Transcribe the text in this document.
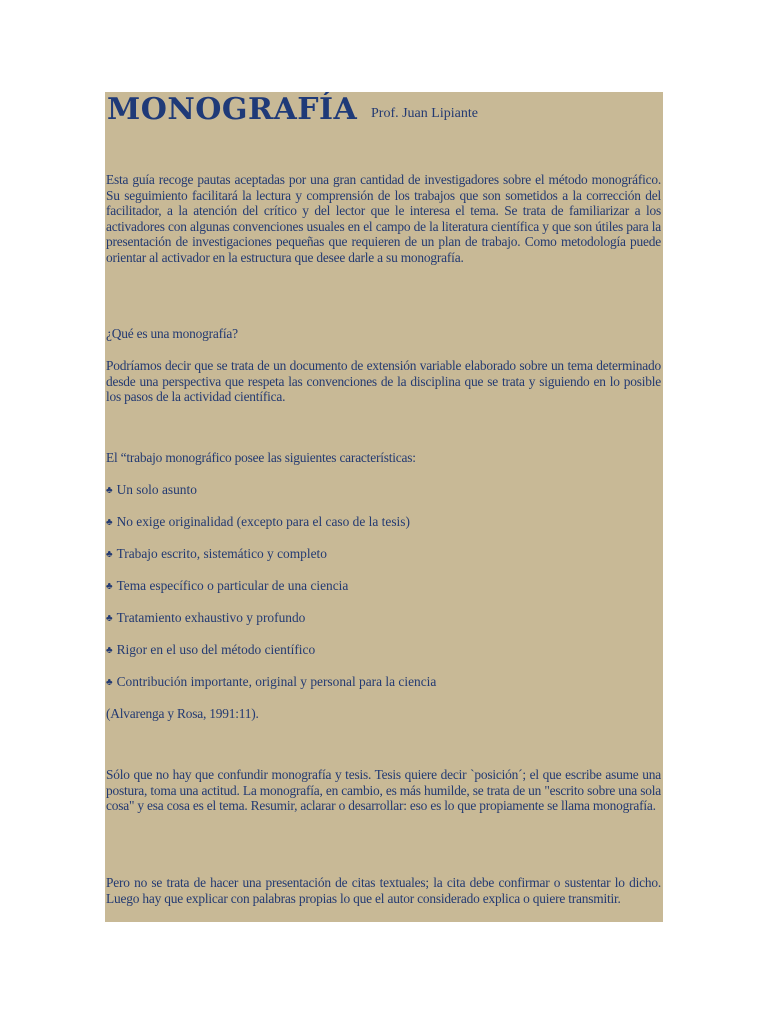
MONOGRAFÍA Prof. Juan Lipiante

Esta guía recoge pautas aceptadas por una gran cantidad de investigadores sobre el método monográfico. Su seguimiento facilitará la lectura y comprensión de los trabajos que son sometidos a la corrección del facilitador, a la atención del crítico y del lector que le interesa el tema. Se trata de familiarizar a los activadores con algunas convenciones usuales en el campo de la literatura científica y que son útiles para la presentación de investigaciones pequeñas que requieren de un plan de trabajo. Como metodología puede orientar al activador en la estructura que desee darle a su monografía.

¿Qué es una monografía?

Podríamos decir que se trata de un documento de extensión variable elaborado sobre un tema determinado desde una perspectiva que respeta las convenciones de la disciplina que se trata y siguiendo en lo posible los pasos de la actividad científica.

El “trabajo monográfico posee las siguientes características:

♣ Un solo asunto
♣ No exige originalidad (excepto para el caso de la tesis)
♣ Trabajo escrito, sistemático y completo
♣ Tema específico o particular de una ciencia
♣ Tratamiento exhaustivo y profundo
♣ Rigor en el uso del método científico
♣ Contribución importante, original y personal para la ciencia

(Alvarenga y Rosa, 1991:11).

Sólo que no hay que confundir monografía y tesis. Tesis quiere decir `posición´; el que escribe asume una postura, toma una actitud. La monografía, en cambio, es más humilde, se trata de un "escrito sobre una sola cosa" y esa cosa es el tema. Resumir, aclarar o desarrollar: eso es lo que propiamente se llama monografía.

Pero no se trata de hacer una presentación de citas textuales; la cita debe confirmar o sustentar lo dicho. Luego hay que explicar con palabras propias lo que el autor considerado explica o quiere transmitir.
